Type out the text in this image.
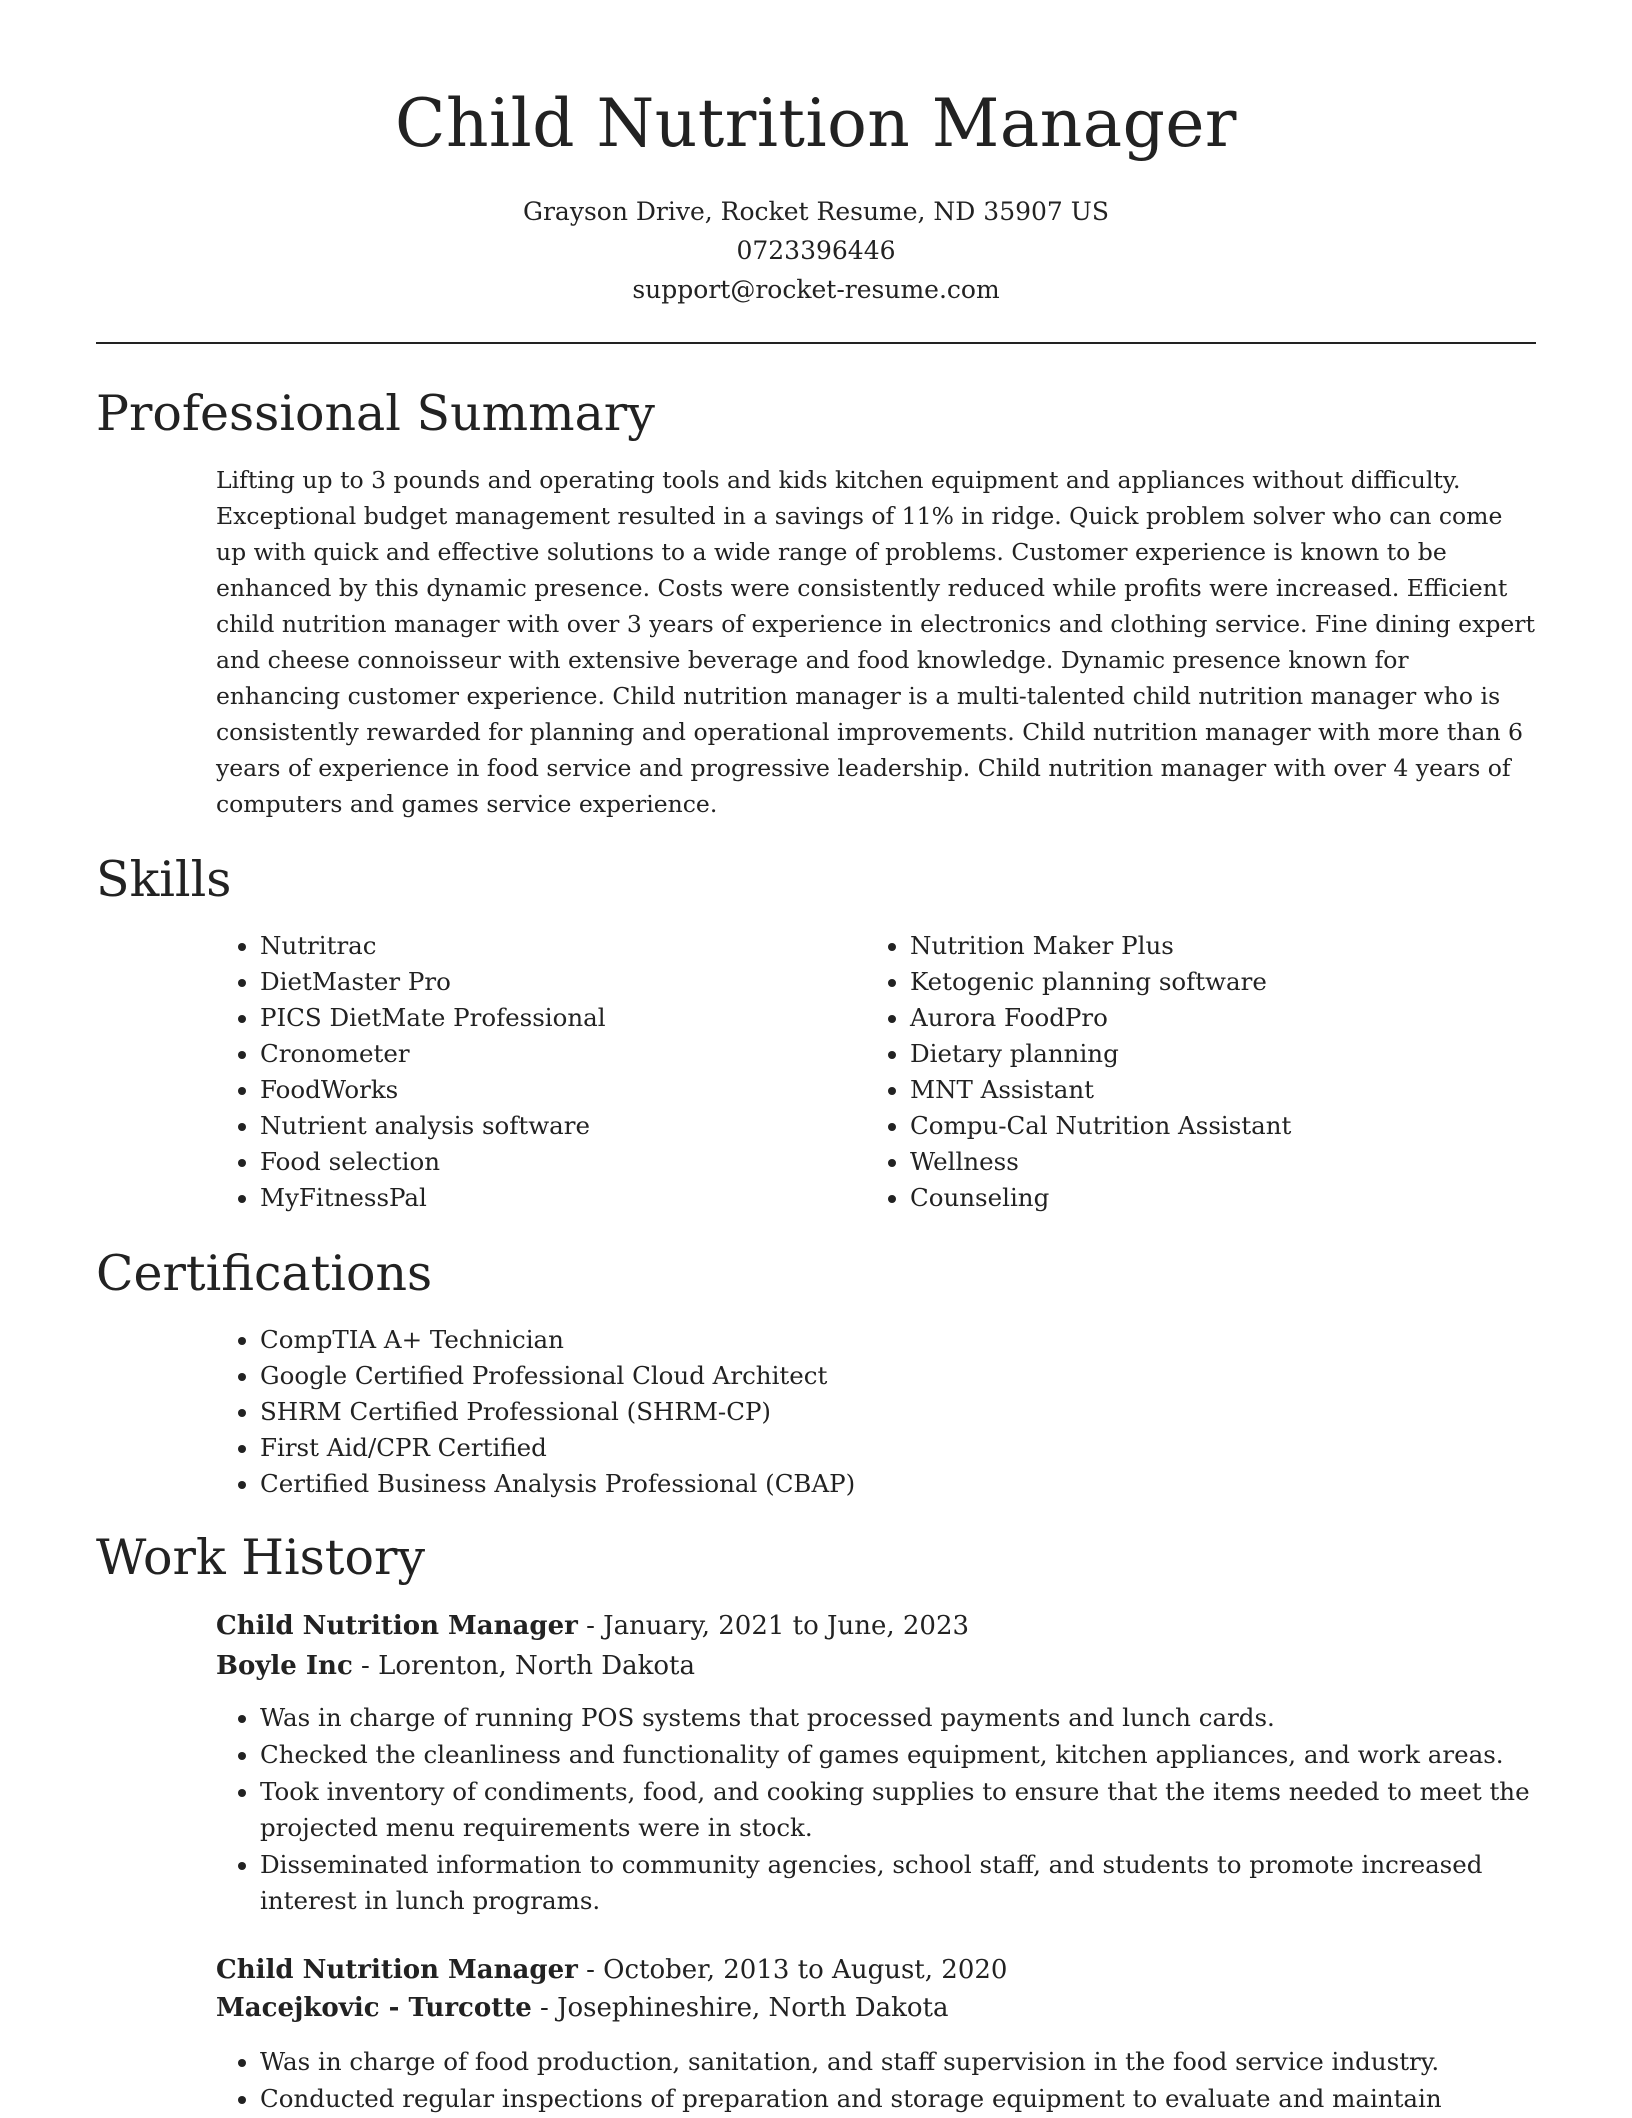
Child Nutrition Manager
Grayson Drive, Rocket Resume, ND 35907 US
0723396446
support@rocket-resume.com
Professional Summary

Lifting up to 3 pounds and operating tools and kids kitchen equipment and appliances without difficulty. Exceptional budget management resulted in a savings of 11% in ridge. Quick problem solver who can come up with quick and effective solutions to a wide range of problems. Customer experience is known to be enhanced by this dynamic presence. Costs were consistently reduced while profits were increased. Efficient child nutrition manager with over 3 years of experience in electronics and clothing service. Fine dining expert and cheese connoisseur with extensive beverage and food knowledge. Dynamic presence known for enhancing customer experience. Child nutrition manager is a multi-talented child nutrition manager who is consistently rewarded for planning and operational improvements. Child nutrition manager with more than 6 years of experience in food service and progressive leadership. Child nutrition manager with over 4 years of computers and games service experience.

Skills
• Nutritrac
• DietMaster Pro
• PICS DietMate Professional
• Cronometer
• FoodWorks
• Nutrient analysis software
• Food selection
• MyFitnessPal
• Nutrition Maker Plus
• Ketogenic planning software
• Aurora FoodPro
• Dietary planning
• MNT Assistant
• Compu-Cal Nutrition Assistant
• Wellness
• Counseling
Certifications
• CompTIA A+ Technician
• Google Certified Professional Cloud Architect
• SHRM Certified Professional (SHRM-CP)
• First Aid/CPR Certified
• Certified Business Analysis Professional (CBAP)
Work History
Child Nutrition Manager - January, 2021 to June, 2023
Boyle Inc - Lorenton, North Dakota
• Was in charge of running POS systems that processed payments and lunch cards.
• Checked the cleanliness and functionality of games equipment, kitchen appliances, and work areas.
• Took inventory of condiments, food, and cooking supplies to ensure that the items needed to meet the projected menu requirements were in stock.
• Disseminated information to community agencies, school staff, and students to promote increased interest in lunch programs.
Child Nutrition Manager - October, 2013 to August, 2020
Macejkovic - Turcotte - Josephineshire, North Dakota
• Was in charge of food production, sanitation, and staff supervision in the food service industry.
• Conducted regular inspections of preparation and storage equipment to evaluate and maintain
